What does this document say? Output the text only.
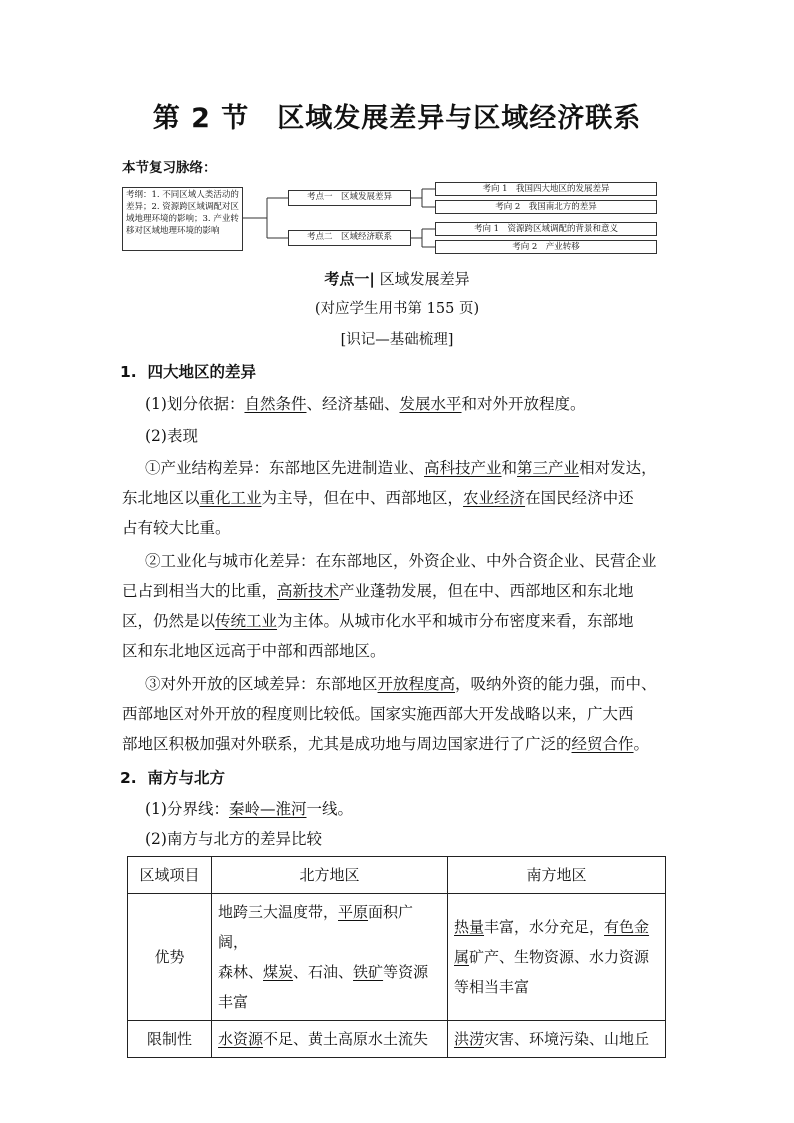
第 2 节 区域发展差异与区域经济联系
本节复习脉络：
考纲：1. 不同区域人类活动的
差异；2. 资源跨区域调配对区
域地理环境的影响；3. 产业转
移对区域地理环境的影响
考点一　区域发展差异
考点二　区域经济联系
考向 1　我国四大地区的发展差异
考向 2　我国南北方的差异
考向 1　资源跨区域调配的背景和意义
考向 2　产业转移
考点一| 区域发展差异
(对应学生用书第 155 页)
[识记—基础梳理]
1. 四大地区的差异
(1)划分依据：自然条件、经济基础、发展水平和对外开放程度。
(2)表现
①产业结构差异：东部地区先进制造业、高科技产业和第三产业相对发达，
东北地区以重化工业为主导，但在中、西部地区，农业经济在国民经济中还
占有较大比重。
②工业化与城市化差异：在东部地区，外资企业、中外合资企业、民营企业
已占到相当大的比重，高新技术产业蓬勃发展，但在中、西部地区和东北地
区，仍然是以传统工业为主体。从城市化水平和城市分布密度来看，东部地
区和东北地区远高于中部和西部地区。
③对外开放的区域差异：东部地区开放程度高，吸纳外资的能力强，而中、
西部地区对外开放的程度则比较低。国家实施西部大开发战略以来，广大西
部地区积极加强对外联系，尤其是成功地与周边国家进行了广泛的经贸合作。
2. 南方与北方
(1)分界线：秦岭—淮河一线。
(2)南方与北方的差异比较
区域项目	北方地区	南方地区
优势	地跨三大温度带，平原面积广阔，
森林、煤炭、石油、铁矿等资源
丰富	热量丰富，水分充足，有色金
属矿产、生物资源、水力资源
等相当丰富
限制性	水资源不足、黄土高原水土流失	洪涝灾害、环境污染、山地丘
